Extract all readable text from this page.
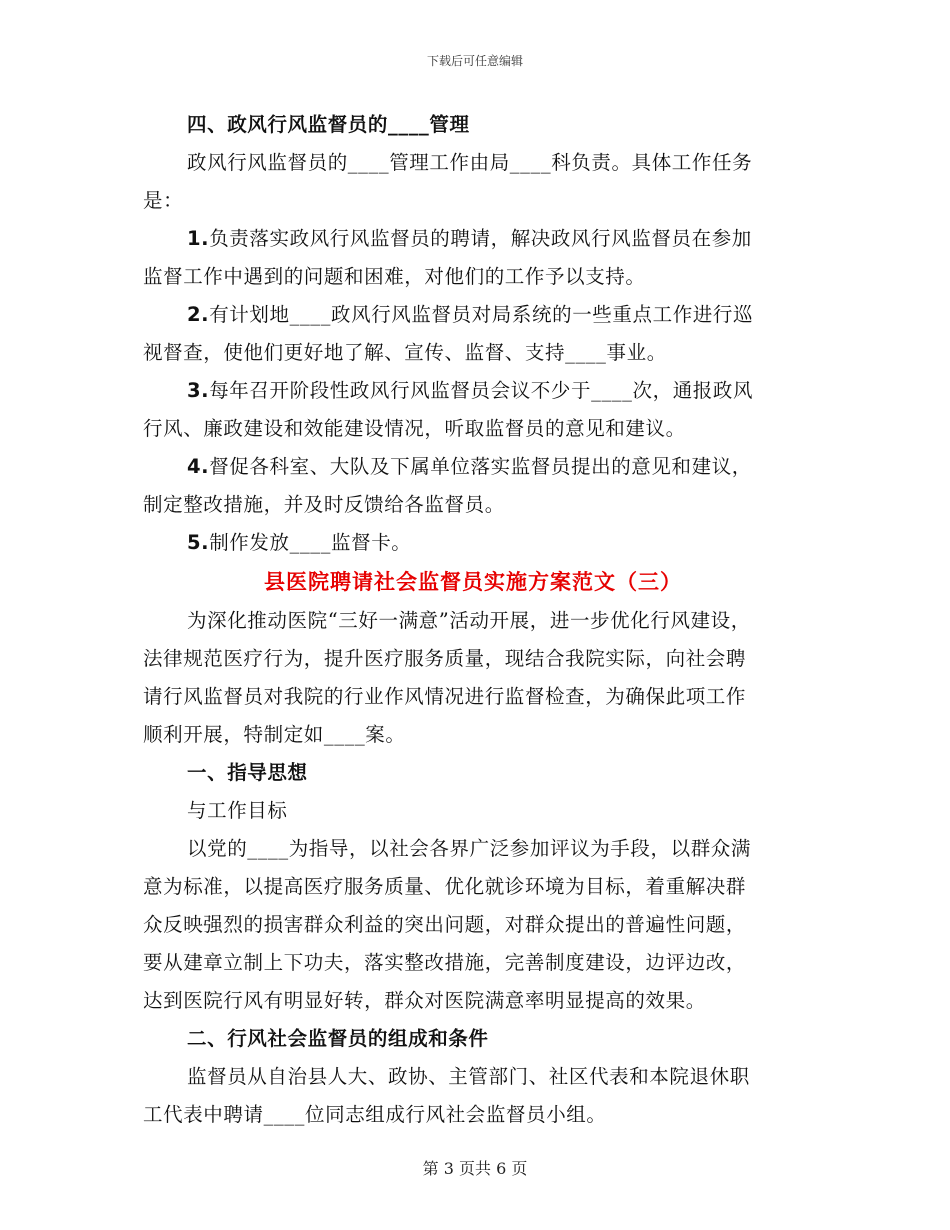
下载后可任意编辑
四、政风行风监督员的____管理
政风行风监督员的____管理工作由局____科负责。具体工作任务
是：
1.负责落实政风行风监督员的聘请，解决政风行风监督员在参加
监督工作中遇到的问题和困难，对他们的工作予以支持。
2.有计划地____政风行风监督员对局系统的一些重点工作进行巡
视督查，使他们更好地了解、宣传、监督、支持____事业。
3.每年召开阶段性政风行风监督员会议不少于____次，通报政风
行风、廉政建设和效能建设情况，听取监督员的意见和建议。
4.督促各科室、大队及下属单位落实监督员提出的意见和建议，
制定整改措施，并及时反馈给各监督员。
5.制作发放____监督卡。
县医院聘请社会监督员实施方案范文（三）
为深化推动医院“三好一满意”活动开展，进一步优化行风建设，
法律规范医疗行为，提升医疗服务质量，现结合我院实际，向社会聘
请行风监督员对我院的行业作风情况进行监督检查，为确保此项工作
顺利开展，特制定如____案。
一、指导思想
与工作目标
以党的____为指导，以社会各界广泛参加评议为手段，以群众满
意为标准，以提高医疗服务质量、优化就诊环境为目标，着重解决群
众反映强烈的损害群众利益的突出问题，对群众提出的普遍性问题，
要从建章立制上下功夫，落实整改措施，完善制度建设，边评边改，
达到医院行风有明显好转，群众对医院满意率明显提高的效果。
二、行风社会监督员的组成和条件
监督员从自治县人大、政协、主管部门、社区代表和本院退休职
工代表中聘请____位同志组成行风社会监督员小组。
第 3 页共 6 页
